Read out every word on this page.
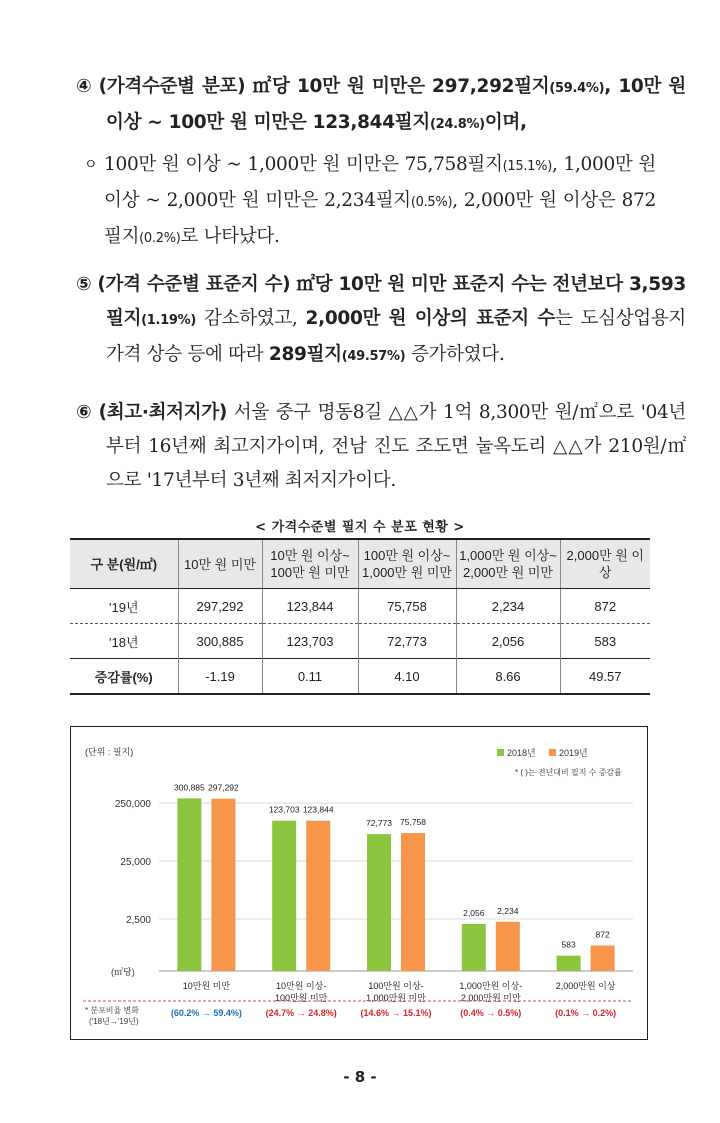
④ (가격수준별 분포) ㎡당 10만 원 미만은 297,292필지(59.4%), 10만 원 이상 ~ 100만 원 미만은 123,844필지(24.8%)이며,
ㅇ 100만 원 이상 ~ 1,000만 원 미만은 75,758필지(15.1%), 1,000만 원 이상 ~ 2,000만 원 미만은 2,234필지(0.5%), 2,000만 원 이상은 872필지(0.2%)로 나타났다.
⑤ (가격 수준별 표준지 수) ㎡당 10만 원 미만 표준지 수는 전년보다 3,593필지(1.19%) 감소하였고, 2,000만 원 이상의 표준지 수는 도심상업용지 가격 상승 등에 따라 289필지(49.57%) 증가하였다.
⑥ (최고·최저지가) 서울 중구 명동8길 △△가 1억 8,300만 원/㎡으로 '04년부터 16년째 최고지가이며, 전남 진도 조도면 눌옥도리 △△가 210원/㎡으로 '17년부터 3년째 최저지가이다.
< 가격수준별 필지 수 분포 현황 >
구 분(원/㎡)	10만 원 미만	10만 원 이상~ 100만 원 미만	100만 원 이상~ 1,000만 원 미만	1,000만 원 이상~ 2,000만 원 미만	2,000만 원 이상
'19년	297,292	123,844	75,758	2,234	872
'18년	300,885	123,703	72,773	2,056	583
증감률(%)	-1.19	0.11	4.10	8.66	49.57
(단위 : 필지)
250,000
25,000
2,500
(㎡당)
2018년	2019년
* ( )는 전년대비 필지 수 증감률
300,885 297,292
10만원 미만
(60.2% → 59.4%)
123,703 123,844
10만원 이상-
100만원 미만
(24.7% → 24.8%)
72,773 75,758
100만원 이상-
1,000만원 미만
(14.6% → 15.1%)
2,056 2,234
1,000만원 이상-
2,000만원 미만
(0.4% → 0.5%)
583
872
2,000만원 이상
(0.1% → 0.2%)
* 분포비율 변화
('18년→'19년)
- 8 -
